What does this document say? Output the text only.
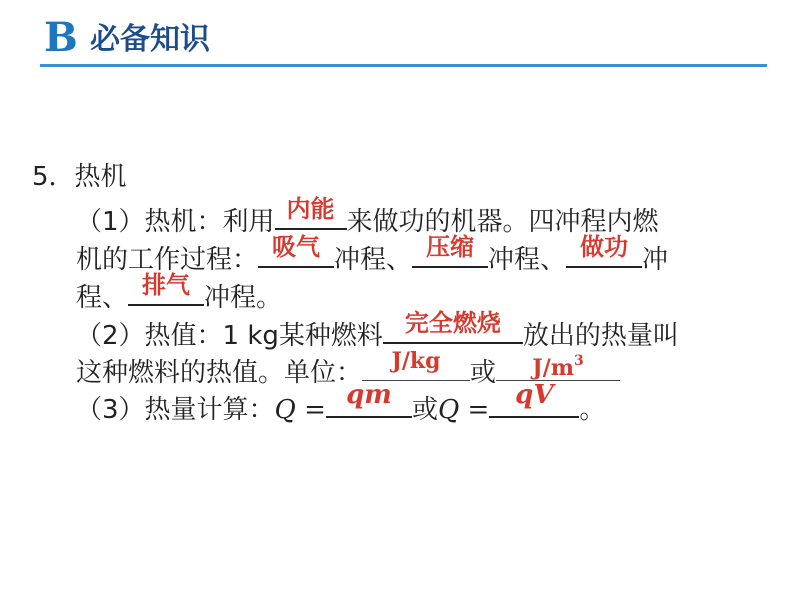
B 必备知识
5．热机
（1）热机：利用 内能 来做功的机器。四冲程内燃
机的工作过程： 吸气 冲程、 压缩 冲程、 做功 冲
程、 排气 冲程。
（2）热值：1 kg某种燃料 完全燃烧 放出的热量叫
这种燃料的热值。单位：	J/kg	或	$J/m^3$
（3）热量计算：Q = qm 或Q = qV 。
